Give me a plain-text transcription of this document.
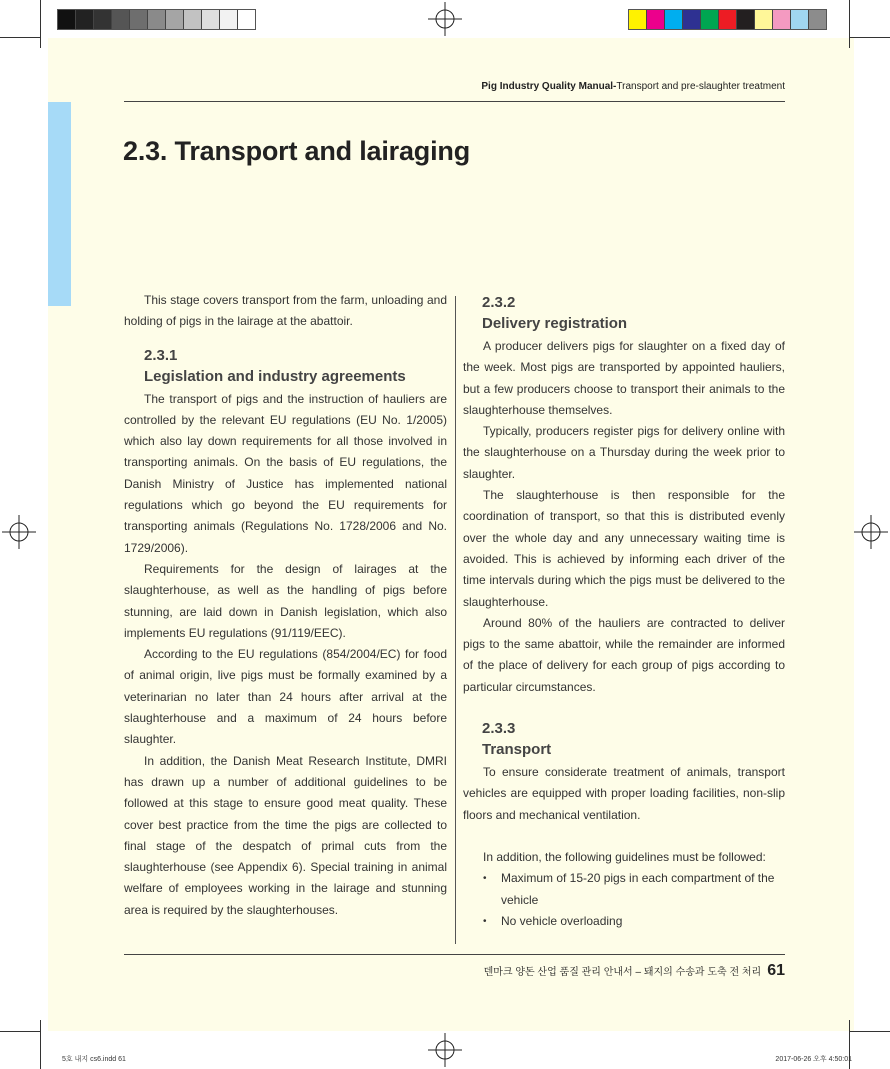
Pig Industry Quality Manual-Transport and pre-slaughter treatment
2.3. Transport and lairaging

This stage covers transport from the farm, unloading and holding of pigs in the lairage at the abattoir.

2.3.1

Legislation and industry agreements

The transport of pigs and the instruction of hauliers are controlled by the relevant EU regulations (EU No. 1/2005) which also lay down requirements for all those involved in transporting animals. On the basis of EU regulations, the Danish Ministry of Justice has implemented national regulations which go beyond the EU requirements for transporting animals (Regulations No. 1728/2006 and No. 1729/2006).

Requirements for the design of lairages at the slaughterhouse, as well as the handling of pigs before stunning, are laid down in Danish legislation, which also implements EU regulations (91/119/EEC).

According to the EU regulations (854/2004/EC) for food of animal origin, live pigs must be formally examined by a veterinarian no later than 24 hours after arrival at the slaughterhouse and a maximum of 24 hours before slaughter.

In addition, the Danish Meat Research Institute, DMRI has drawn up a number of additional guidelines to be followed at this stage to ensure good meat quality. These cover best practice from the time the pigs are collected to final stage of the despatch of primal cuts from the slaughterhouse (see Appendix 6). Special training in animal welfare of employees working in the lairage and stunning area is required by the slaughterhouses.

2.3.2

Delivery registration

A producer delivers pigs for slaughter on a fixed day of the week. Most pigs are transported by appointed hauliers, but a few producers choose to transport their animals to the slaughterhouse themselves.

Typically, producers register pigs for delivery online with the slaughterhouse on a Thursday during the week prior to slaughter.

The slaughterhouse is then responsible for the coordination of transport, so that this is distributed evenly over the whole day and any unnecessary waiting time is avoided. This is achieved by informing each driver of the time intervals during which the pigs must be delivered to the slaughterhouse.

Around 80% of the hauliers are contracted to deliver pigs to the same abattoir, while the remainder are informed of the place of delivery for each group of pigs according to particular circumstances.

2.3.3

Transport

To ensure considerate treatment of animals, transport vehicles are equipped with proper loading facilities, non-slip floors and mechanical ventilation.

In addition, the following guidelines must be followed:

• Maximum of 15-20 pigs in each compartment of the vehicle
• No vehicle overloading
덴마크 양돈 산업 품질 관리 안내서 – 돼지의 수송과 도축 전 처리 61
5호 내지 cs6.indd 61	2017-06-26 오후 4:50:01
